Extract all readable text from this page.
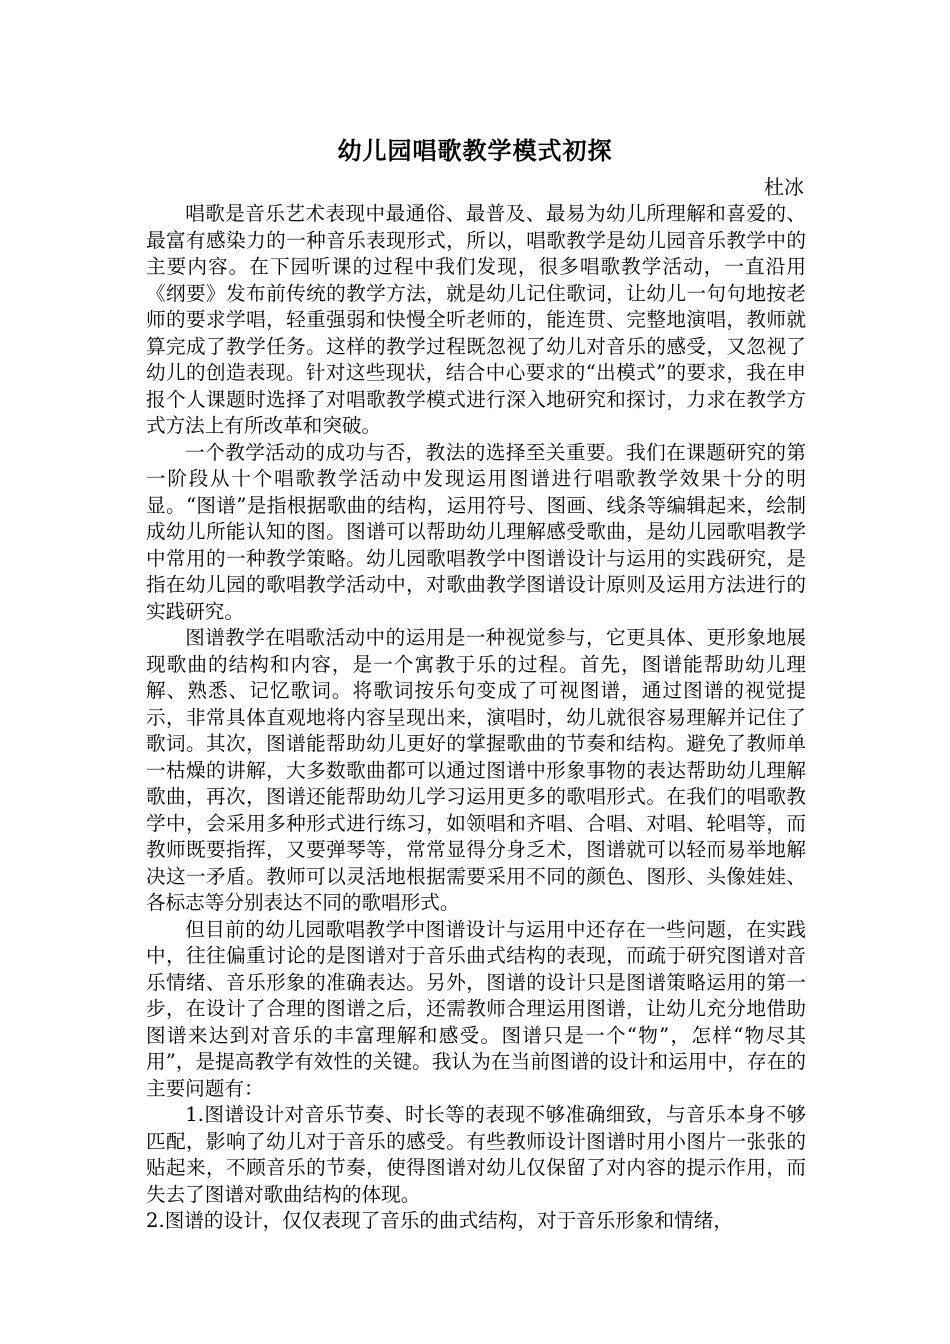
幼儿园唱歌教学模式初探
杜冰

唱歌是音乐艺术表现中最通俗、最普及、最易为幼儿所理解和喜爱的、最富有感染力的一种音乐表现形式，所以，唱歌教学是幼儿园音乐教学中的主要内容。在下园听课的过程中我们发现，很多唱歌教学活动，一直沿用《纲要》发布前传统的教学方法，就是幼儿记住歌词，让幼儿一句句地按老师的要求学唱，轻重强弱和快慢全听老师的，能连贯、完整地演唱，教师就算完成了教学任务。这样的教学过程既忽视了幼儿对音乐的感受，又忽视了幼儿的创造表现。针对这些现状，结合中心要求的“出模式”的要求，我在申报个人课题时选择了对唱歌教学模式进行深入地研究和探讨，力求在教学方式方法上有所改革和突破。

一个教学活动的成功与否，教法的选择至关重要。我们在课题研究的第一阶段从十个唱歌教学活动中发现运用图谱进行唱歌教学效果十分的明显。“图谱”是指根据歌曲的结构，运用符号、图画、线条等编辑起来，绘制成幼儿所能认知的图。图谱可以帮助幼儿理解感受歌曲，是幼儿园歌唱教学中常用的一种教学策略。幼儿园歌唱教学中图谱设计与运用的实践研究，是指在幼儿园的歌唱教学活动中，对歌曲教学图谱设计原则及运用方法进行的实践研究。

图谱教学在唱歌活动中的运用是一种视觉参与，它更具体、更形象地展现歌曲的结构和内容，是一个寓教于乐的过程。首先，图谱能帮助幼儿理解、熟悉、记忆歌词。将歌词按乐句变成了可视图谱，通过图谱的视觉提示，非常具体直观地将内容呈现出来，演唱时，幼儿就很容易理解并记住了歌词。其次，图谱能帮助幼儿更好的掌握歌曲的节奏和结构。避免了教师单一枯燥的讲解，大多数歌曲都可以通过图谱中形象事物的表达帮助幼儿理解歌曲，再次，图谱还能帮助幼儿学习运用更多的歌唱形式。在我们的唱歌教学中，会采用多种形式进行练习，如领唱和齐唱、合唱、对唱、轮唱等，而教师既要指挥，又要弹琴等，常常显得分身乏术，图谱就可以轻而易举地解决这一矛盾。教师可以灵活地根据需要采用不同的颜色、图形、头像娃娃、各标志等分别表达不同的歌唱形式。

但目前的幼儿园歌唱教学中图谱设计与运用中还存在一些问题，在实践中，往往偏重讨论的是图谱对于音乐曲式结构的表现，而疏于研究图谱对音乐情绪、音乐形象的准确表达。另外，图谱的设计只是图谱策略运用的第一步，在设计了合理的图谱之后，还需教师合理运用图谱，让幼儿充分地借助图谱来达到对音乐的丰富理解和感受。图谱只是一个“物”，怎样“物尽其用”，是提高教学有效性的关键。我认为在当前图谱的设计和运用中，存在的主要问题有：

1.图谱设计对音乐节奏、时长等的表现不够准确细致，与音乐本身不够匹配，影响了幼儿对于音乐的感受。有些教师设计图谱时用小图片一张张的贴起来，不顾音乐的节奏，使得图谱对幼儿仅保留了对内容的提示作用，而失去了图谱对歌曲结构的体现。

2.图谱的设计，仅仅表现了音乐的曲式结构，对于音乐形象和情绪，
